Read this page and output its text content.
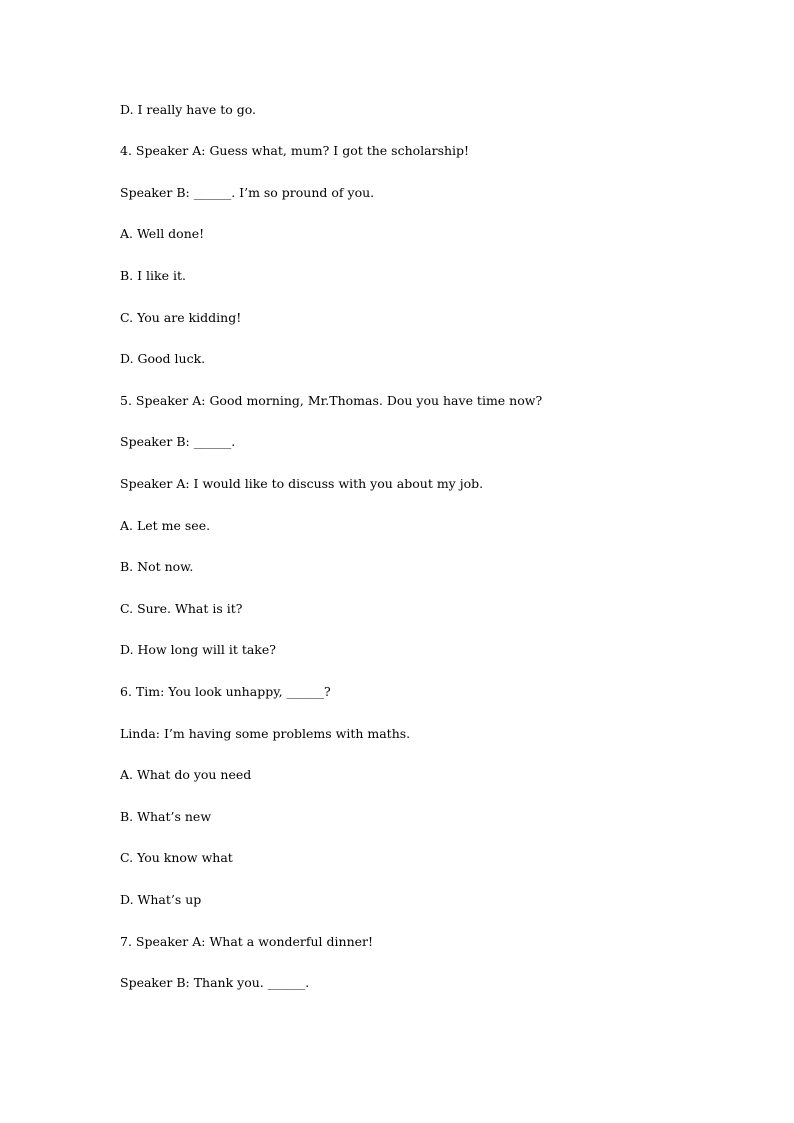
D. I really have to go.

4. Speaker A: Guess what, mum? I got the scholarship!

Speaker B: ______. I’m so pround of you.

A. Well done!

B. I like it.

C. You are kidding!

D. Good luck.

5. Speaker A: Good morning, Mr.Thomas. Dou you have time now?

Speaker B: ______.

Speaker A: I would like to discuss with you about my job.

A. Let me see.

B. Not now.

C. Sure. What is it?

D. How long will it take?

6. Tim: You look unhappy, ______?

Linda: I’m having some problems with maths.

A. What do you need

B. What’s new

C. You know what

D. What’s up

7. Speaker A: What a wonderful dinner!

Speaker B: Thank you. ______.
